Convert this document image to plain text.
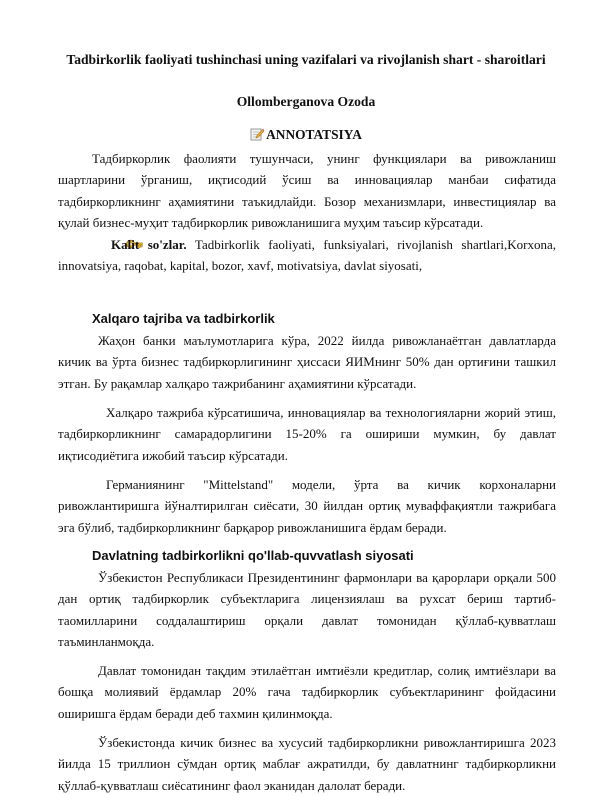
Tadbirkorlik faoliyati tushinchasi uning vazifalari va rivojlanish shart - sharoitlari
Ollomberganova Ozoda
ANNOTATSIYA

Тадбиркорлик фаолияти тушунчаси, унинг функциялари ва ривожланиш шартларини ўрганиш, иқтисодий ўсиш ва инновациялар манбаи сифатида тадбиркорликнинг аҳамиятини таъкидлайди. Бозор механизмлари, инвестициялар ва қулай бизнес-муҳит тадбиркорлик ривожланишига муҳим таъсир кўрсатади.

Kalit so'zlar. Tadbirkorlik faoliyati, funksiyalari, rivojlanish shartlari,Korxona, innovatsiya, raqobat, kapital, bozor, xavf, motivatsiya, davlat siyosati,

Xalqaro tajriba va tadbirkorlik

Жаҳон банки маълумотларига кўра, 2022 йилда ривожланаётган давлатларда кичик ва ўрта бизнес тадбиркорлигининг ҳиссаси ЯИМнинг 50% дан ортиғини ташкил этган. Бу рақамлар халқаро тажрибанинг аҳамиятини кўрсатади.

Халқаро тажриба кўрсатишича, инновациялар ва технологияларни жорий этиш, тадбиркорликнинг самарадорлигини 15-20% га ошириши мумкин, бу давлат иқтисодиётига ижобий таъсир кўрсатади.

Германиянинг "Mittelstand" модели, ўрта ва кичик корхоналарни ривожлантиришга йўналтирилган сиёсати, 30 йилдан ортиқ муваффақиятли тажрибага эга бўлиб, тадбиркорликнинг барқарор ривожланишига ёрдам беради.

Davlatning tadbirkorlikni qo'llab-quvvatlash siyosati

Ўзбекистон Республикаси Президентининг фармонлари ва қарорлари орқали 500 дан ортиқ тадбиркорлик субъектларига лицензиялаш ва рухсат бериш тартиб-таомилларини соддалаштириш орқали давлат томонидан қўллаб-қувватлаш таъминланмоқда.

Давлат томонидан тақдим этилаётган имтиёзли кредитлар, солиқ имтиёзлари ва бошқа молиявий ёрдамлар 20% гача тадбиркорлик субъектларининг фойдасини оширишга ёрдам беради деб тахмин қилинмоқда.

Ўзбекистонда кичик бизнес ва хусусий тадбиркорликни ривожлантиришга 2023 йилда 15 триллион сўмдан ортиқ маблағ ажратилди, бу давлатнинг тадбиркорликни қўллаб-қувватлаш сиёсатининг фаол эканидан далолат беради.
